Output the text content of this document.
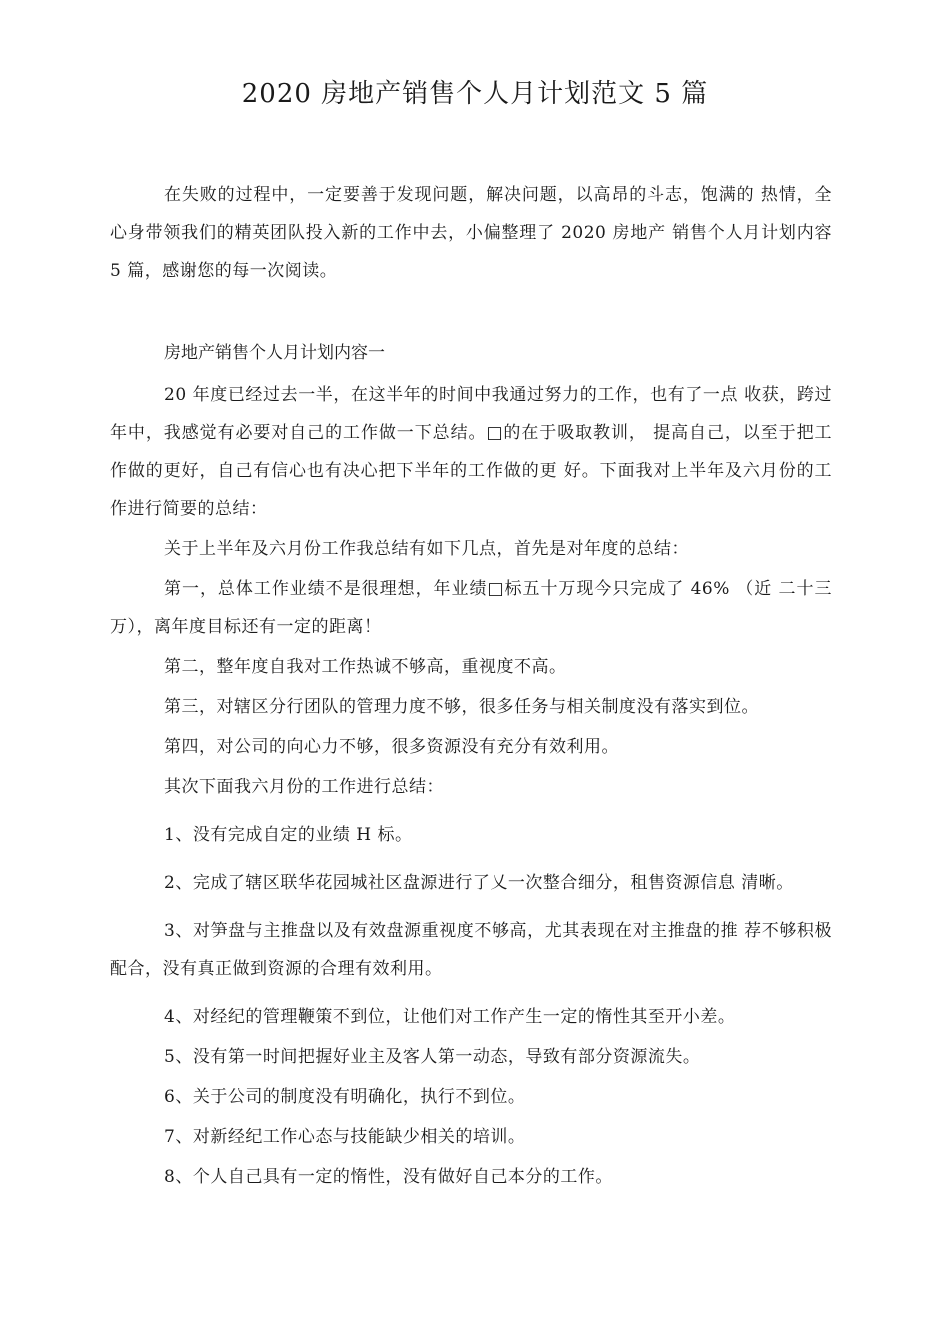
2020 房地产销售个人月计划范文 5 篇

在失败的过程中，一定要善于发现问题，解决问题，以高昂的斗志，饱满的 热情，全心身带领我们的精英团队投入新的工作中去，小偏整理了 2020 房地产 销售个人月计划内容 5 篇，感谢您的每一次阅读。

房地产销售个人月计划内容一

20 年度已经过去一半，在这半年的时间中我通过努力的工作，也有了一点 收获，跨过年中，我感觉有必要对自己的工作做一下总结。□的在于吸取教训， 提高自己，以至于把工作做的更好，自己有信心也有决心把下半年的工作做的更 好。下面我对上半年及六月份的工作进行简要的总结：

关于上半年及六月份工作我总结有如下几点，首先是对年度的总结：

第一，总体工作业绩不是很理想，年业绩□标五十万现今只完成了 46% （近 二十三万），离年度目标还有一定的距离！

第二，整年度自我对工作热诚不够高，重视度不高。

第三，对辖区分行团队的管理力度不够，很多任务与相关制度没有落实到位。

第四，对公司的向心力不够，很多资源没有充分有效利用。

其次下面我六月份的工作进行总结：

1、没有完成自定的业绩 H 标。

2、完成了辖区联华花园城社区盘源进行了乂一次整合细分，租售资源信息 清晰。

3、对笋盘与主推盘以及有效盘源重视度不够高，尤其表现在对主推盘的推 荐不够积极配合，没有真正做到资源的合理有效利用。

4、对经纪的管理鞭策不到位，让他们对工作产生一定的惰性其至开小差。

5、没有第一时间把握好业主及客人第一动态，导致有部分资源流失。

6、关于公司的制度没有明确化，执行不到位。

7、对新经纪工作心态与技能缺少相关的培训。

8、个人自己具有一定的惰性，没有做好自己本分的工作。
